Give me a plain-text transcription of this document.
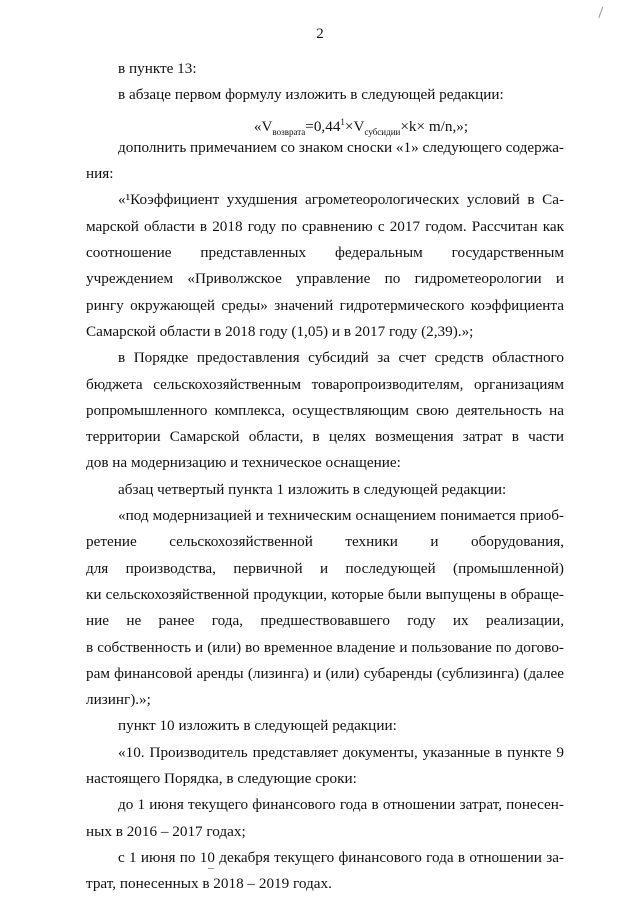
2
в пункте 13:
в абзаце первом формулу изложить в следующей редакции:
«$V_{возврата}=0,44^1\times V_{субсидии}\times k\times m/n$,»;
дополнить примечанием со знаком сноски «1» следующего содержа-
ния:
«¹Коэффициент ухудшения агрометеорологических условий в Са-
марской области в 2018 году по сравнению с 2017 годом. Рассчитан как
соотношение представленных федеральным государственным
учреждением «Приволжское управление по гидрометеорологии и
рингу окружающей среды» значений гидротермического коэффициента
Самарской области в 2018 году (1,05) и в 2017 году (2,39).»;
в Порядке предоставления субсидий за счет средств областного
бюджета сельскохозяйственным товаропроизводителям, организациям
ропромышленного комплекса, осуществляющим свою деятельность на
территории Самарской области, в целях возмещения затрат в части
дов на модернизацию и техническое оснащение:
абзац четвертый пункта 1 изложить в следующей редакции:
«под модернизацией и техническим оснащением понимается приоб-
ретение сельскохозяйственной техники и оборудования,
для производства, первичной и последующей (промышленной)
ки сельскохозяйственной продукции, которые были выпущены в обраще-
ние не ранее года, предшествовавшего году их реализации,
в собственность и (или) во временное владение и пользование по догово-
рам финансовой аренды (лизинга) и (или) субаренды (сублизинга) (далее
лизинг).»;
пункт 10 изложить в следующей редакции:
«10. Производитель представляет документы, указанные в пункте 9
настоящего Порядка, в следующие сроки:
до 1 июня текущего финансового года в отношении затрат, понесен-
ных в 2016 – 2017 годах;
с 1 июня по 10 декабря текущего финансового года в отношении за-
трат, понесенных в 2018 – 2019 годах.
